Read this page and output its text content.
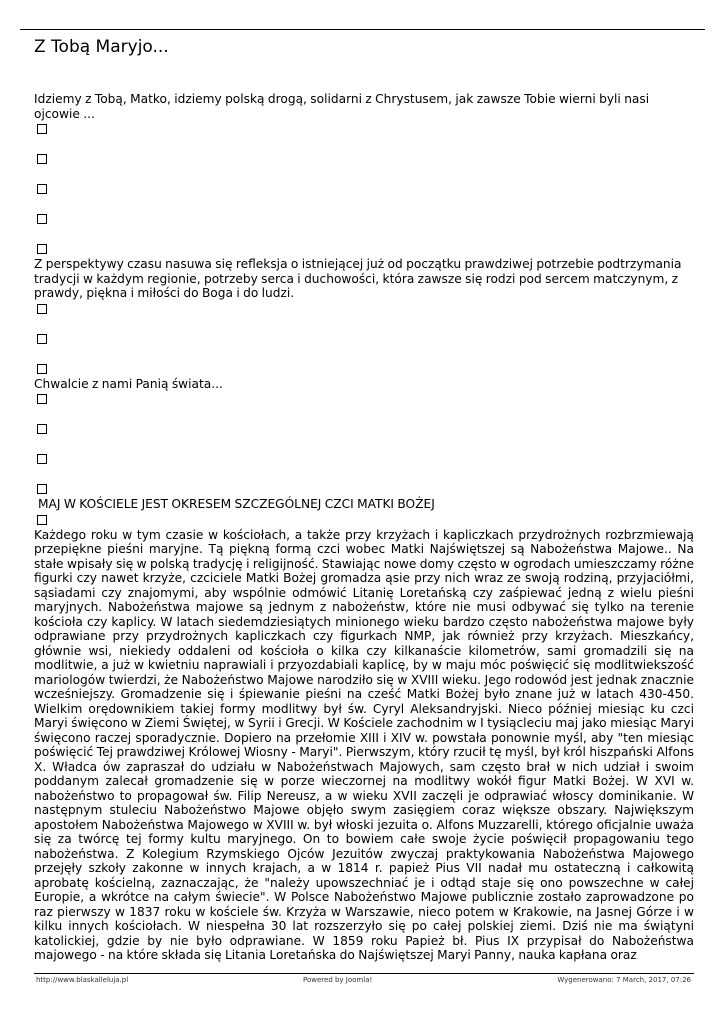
Z Tobą Maryjo...

Idziemy z Tobą, Matko, idziemy polską drogą, solidarni z Chrystusem, jak zawsze Tobie wierni byli nasi ojcowie ...

Z perspektywy czasu nasuwa się refleksja o istniejącej już od początku prawdziwej potrzebie podtrzymania tradycji w każdym regionie, potrzeby serca i duchowości, która zawsze się rodzi pod sercem matczynym, z prawdy, piękna i miłości do Boga i do ludzi.

Chwalcie z nami Panią świata...

MAJ W KOŚCIELE JEST OKRESEM SZCZEGÓLNEJ CZCI MATKI BOŻEJ

Każdego roku w tym czasie w kościołach, a także przy krzyżach i kapliczkach przydrożnych rozbrzmiewają przepiękne pieśni maryjne. Tą piękną formą czci wobec Matki Najświętszej są Nabożeństwa Majowe.. Na stałe wpisały się w polską tradycję i religijność. Stawiając nowe domy często w ogrodach umieszczamy różne figurki czy nawet krzyże, czciciele Matki Bożej gromadza ąsie przy nich wraz ze swoją rodziną, przyjaciółmi, sąsiadami czy znajomymi, aby wspólnie odmówić Litanię Loretańską czy zaśpiewać jedną z wielu pieśni maryjnych. Nabożeństwa majowe są jednym z nabożeństw, które nie musi odbywać się tylko na terenie kościoła czy kaplicy. W latach siedemdziesiątych minionego wieku bardzo często nabożeństwa majowe były odprawiane przy przydrożnych kapliczkach czy figurkach NMP, jak również przy krzyżach. Mieszkańcy, głównie wsi, niekiedy oddaleni od kościoła o kilka czy kilkanaście kilometrów, sami gromadzili się na modlitwie, a już w kwietniu naprawiali i przyozdabiali kaplicę, by w maju móc poświęcić się modlitwiekszość mariologów twierdzi, że Nabożeństwo Majowe narodziło się w XVIII wieku. Jego rodowód jest jednak znacznie wcześniejszy. Gromadzenie się i śpiewanie pieśni na cześć Matki Bożej było znane już w latach 430-450. Wielkim orędownikiem takiej formy modlitwy był św. Cyryl Aleksandryjski. Nieco później miesiąc ku czci Maryi święcono w Ziemi Świętej, w Syrii i Grecji. W Kościele zachodnim w I tysiącleciu maj jako miesiąc Maryi święcono raczej sporadycznie. Dopiero na przełomie XIII i XIV w. powstała ponownie myśl, aby "ten miesiąc poświęcić Tej prawdziwej Królowej Wiosny - Maryi". Pierwszym, który rzucił tę myśl, był król hiszpański Alfons X. Władca ów zapraszał do udziału w Nabożeństwach Majowych, sam często brał w nich udział i swoim poddanym zalecał gromadzenie się w porze wieczornej na modlitwy wokół figur Matki Bożej. W XVI w. nabożeństwo to propagował św. Filip Nereusz, a w wieku XVII zaczęli je odprawiać włoscy dominikanie. W następnym stuleciu Nabożeństwo Majowe objęło swym zasięgiem coraz większe obszary. Największym apostołem Nabożeństwa Majowego w XVIII w. był włoski jezuita o. Alfons Muzzarelli, którego oficjalnie uważa się za twórcę tej formy kultu maryjnego. On to bowiem całe swoje życie poświęcił propagowaniu tego nabożeństwa. Z Kolegium Rzymskiego Ojców Jezuitów zwyczaj praktykowania Nabożeństwa Majowego przejęły szkoły zakonne w innych krajach, a w 1814 r. papież Pius VII nadał mu ostateczną i całkowitą aprobatę kościelną, zaznaczając, że "należy upowszechniać je i odtąd staje się ono powszechne w całej Europie, a wkrótce na całym świecie". W Polsce Nabożeństwo Majowe publicznie zostało zaprowadzone po raz pierwszy w 1837 roku w kościele św. Krzyża w Warszawie, nieco potem w Krakowie, na Jasnej Górze i w kilku innych kościołach. W niespełna 30 lat rozszerzyło się po całej polskiej ziemi. Dziś nie ma świątyni katolickiej, gdzie by nie było odprawiane. W 1859 roku Papież bł. Pius IX przypisał do Nabożeństwa majowego - na które składa się Litania Loretańska do Najświętszej Maryi Panny, nauka kapłana oraz

http://www.blaskalleluja.pl	Powered by Joomla!	Wygenerowano: 7 March, 2017, 07:26
